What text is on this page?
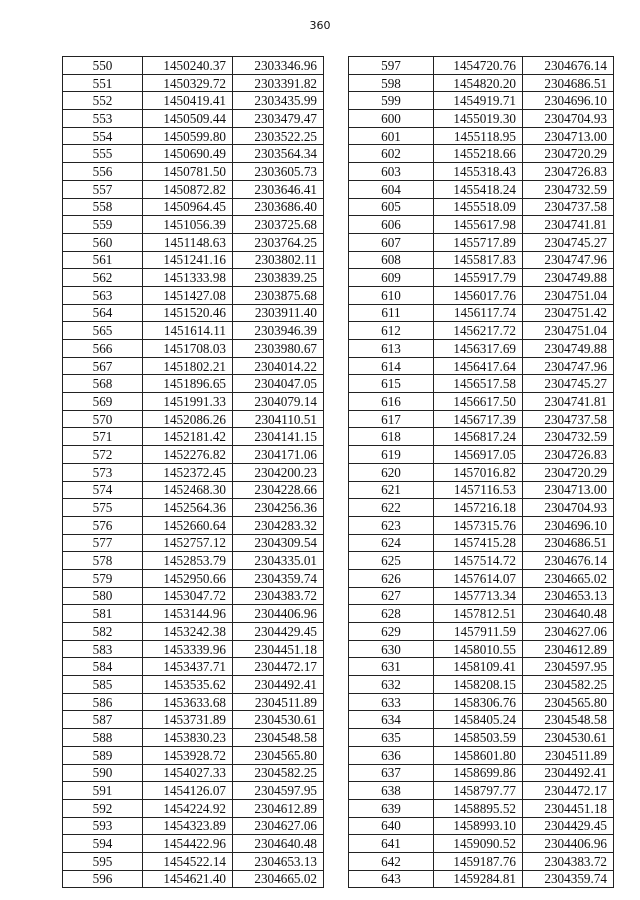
360
550	1450240.37	2303346.96
551	1450329.72	2303391.82
552	1450419.41	2303435.99
553	1450509.44	2303479.47
554	1450599.80	2303522.25
555	1450690.49	2303564.34
556	1450781.50	2303605.73
557	1450872.82	2303646.41
558	1450964.45	2303686.40
559	1451056.39	2303725.68
560	1451148.63	2303764.25
561	1451241.16	2303802.11
562	1451333.98	2303839.25
563	1451427.08	2303875.68
564	1451520.46	2303911.40
565	1451614.11	2303946.39
566	1451708.03	2303980.67
567	1451802.21	2304014.22
568	1451896.65	2304047.05
569	1451991.33	2304079.14
570	1452086.26	2304110.51
571	1452181.42	2304141.15
572	1452276.82	2304171.06
573	1452372.45	2304200.23
574	1452468.30	2304228.66
575	1452564.36	2304256.36
576	1452660.64	2304283.32
577	1452757.12	2304309.54
578	1452853.79	2304335.01
579	1452950.66	2304359.74
580	1453047.72	2304383.72
581	1453144.96	2304406.96
582	1453242.38	2304429.45
583	1453339.96	2304451.18
584	1453437.71	2304472.17
585	1453535.62	2304492.41
586	1453633.68	2304511.89
587	1453731.89	2304530.61
588	1453830.23	2304548.58
589	1453928.72	2304565.80
590	1454027.33	2304582.25
591	1454126.07	2304597.95
592	1454224.92	2304612.89
593	1454323.89	2304627.06
594	1454422.96	2304640.48
595	1454522.14	2304653.13
596	1454621.40	2304665.02
597	1454720.76	2304676.14
598	1454820.20	2304686.51
599	1454919.71	2304696.10
600	1455019.30	2304704.93
601	1455118.95	2304713.00
602	1455218.66	2304720.29
603	1455318.43	2304726.83
604	1455418.24	2304732.59
605	1455518.09	2304737.58
606	1455617.98	2304741.81
607	1455717.89	2304745.27
608	1455817.83	2304747.96
609	1455917.79	2304749.88
610	1456017.76	2304751.04
611	1456117.74	2304751.42
612	1456217.72	2304751.04
613	1456317.69	2304749.88
614	1456417.64	2304747.96
615	1456517.58	2304745.27
616	1456617.50	2304741.81
617	1456717.39	2304737.58
618	1456817.24	2304732.59
619	1456917.05	2304726.83
620	1457016.82	2304720.29
621	1457116.53	2304713.00
622	1457216.18	2304704.93
623	1457315.76	2304696.10
624	1457415.28	2304686.51
625	1457514.72	2304676.14
626	1457614.07	2304665.02
627	1457713.34	2304653.13
628	1457812.51	2304640.48
629	1457911.59	2304627.06
630	1458010.55	2304612.89
631	1458109.41	2304597.95
632	1458208.15	2304582.25
633	1458306.76	2304565.80
634	1458405.24	2304548.58
635	1458503.59	2304530.61
636	1458601.80	2304511.89
637	1458699.86	2304492.41
638	1458797.77	2304472.17
639	1458895.52	2304451.18
640	1458993.10	2304429.45
641	1459090.52	2304406.96
642	1459187.76	2304383.72
643	1459284.81	2304359.74
